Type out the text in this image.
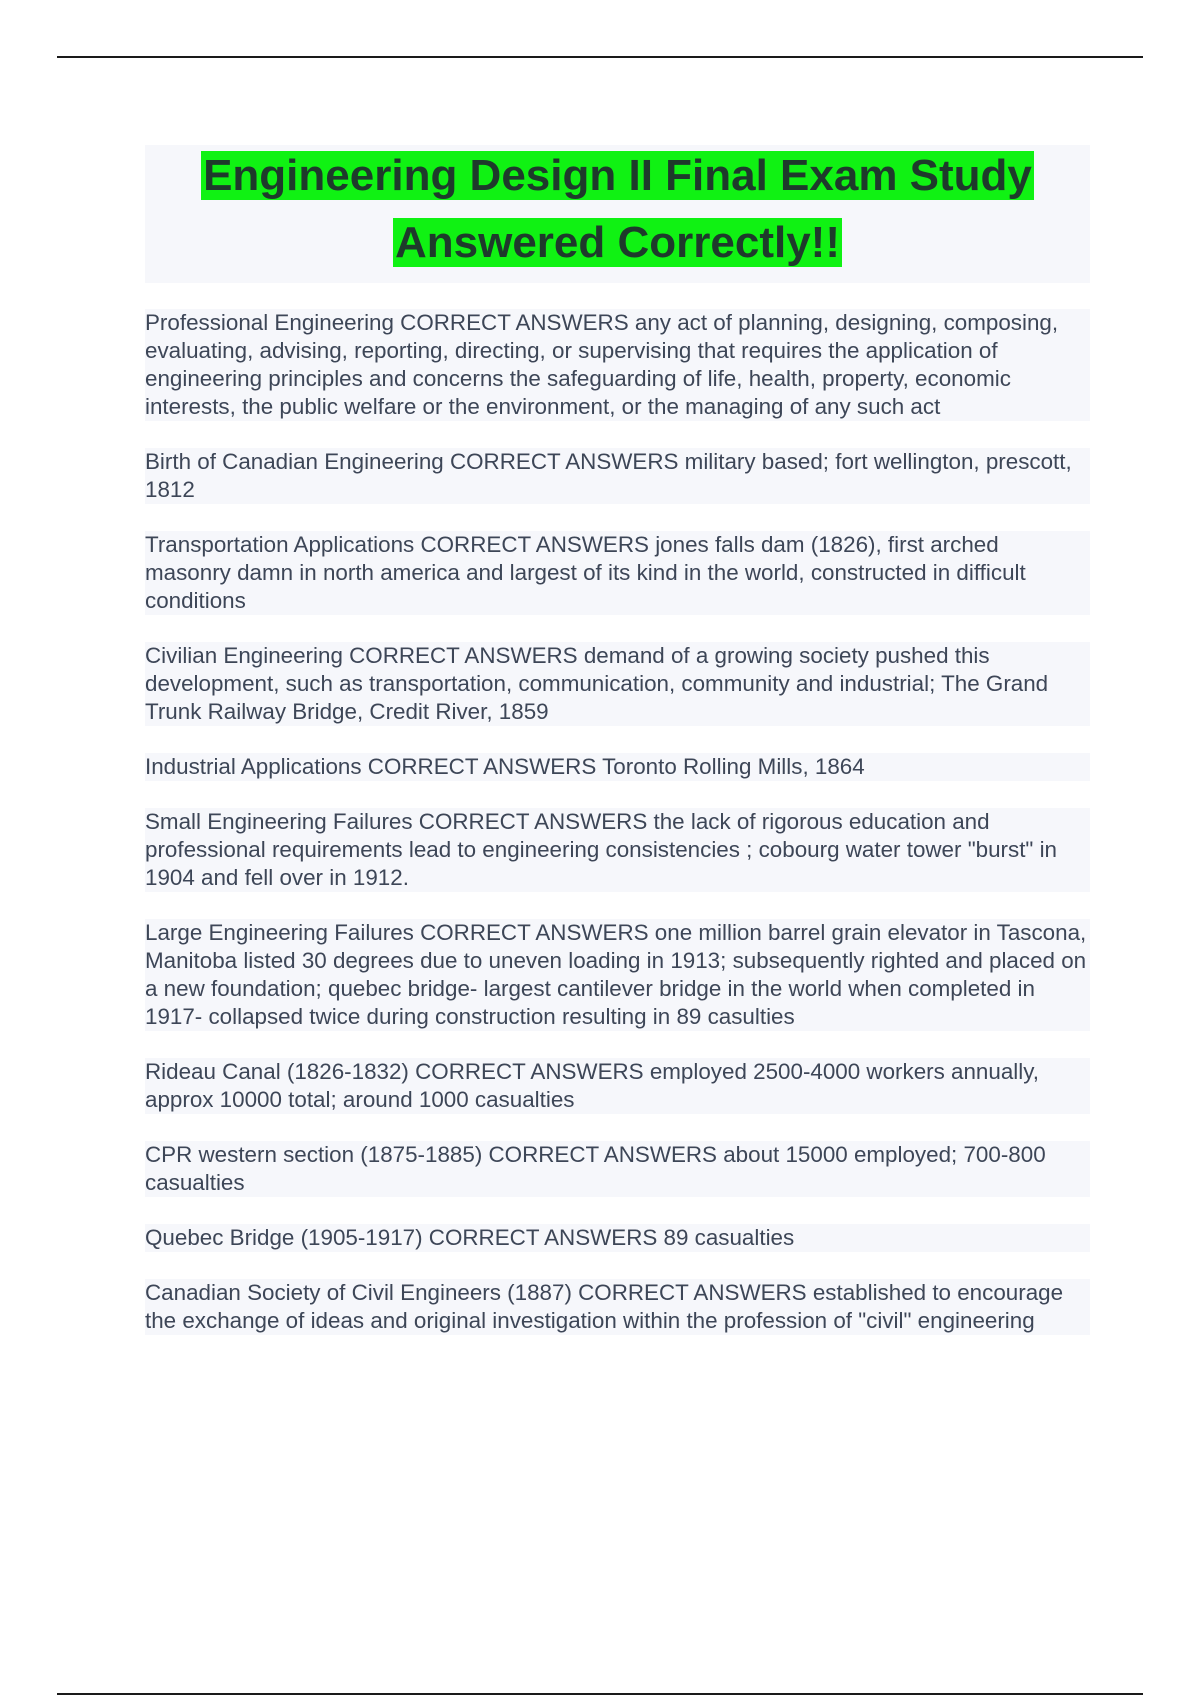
Engineering Design II Final Exam Study Answered Correctly!!

Professional Engineering CORRECT ANSWERS any act of planning, designing, composing, evaluating, advising, reporting, directing, or supervising that requires the application of engineering principles and concerns the safeguarding of life, health, property, economic interests, the public welfare or the environment, or the managing of any such act

Birth of Canadian Engineering CORRECT ANSWERS military based; fort wellington, prescott, 1812

Transportation Applications CORRECT ANSWERS jones falls dam (1826), first arched masonry damn in north america and largest of its kind in the world, constructed in difficult conditions

Civilian Engineering CORRECT ANSWERS demand of a growing society pushed this development, such as transportation, communication, community and industrial; The Grand Trunk Railway Bridge, Credit River, 1859

Industrial Applications CORRECT ANSWERS Toronto Rolling Mills, 1864

Small Engineering Failures CORRECT ANSWERS the lack of rigorous education and professional requirements lead to engineering consistencies ; cobourg water tower "burst" in 1904 and fell over in 1912.

Large Engineering Failures CORRECT ANSWERS one million barrel grain elevator in Tascona, Manitoba listed 30 degrees due to uneven loading in 1913; subsequently righted and placed on a new foundation; quebec bridge- largest cantilever bridge in the world when completed in 1917- collapsed twice during construction resulting in 89 casulties

Rideau Canal (1826-1832) CORRECT ANSWERS employed 2500-4000 workers annually, approx 10000 total; around 1000 casualties

CPR western section (1875-1885) CORRECT ANSWERS about 15000 employed; 700-800 casualties

Quebec Bridge (1905-1917) CORRECT ANSWERS 89 casualties

Canadian Society of Civil Engineers (1887) CORRECT ANSWERS established to encourage the exchange of ideas and original investigation within the profession of "civil" engineering
